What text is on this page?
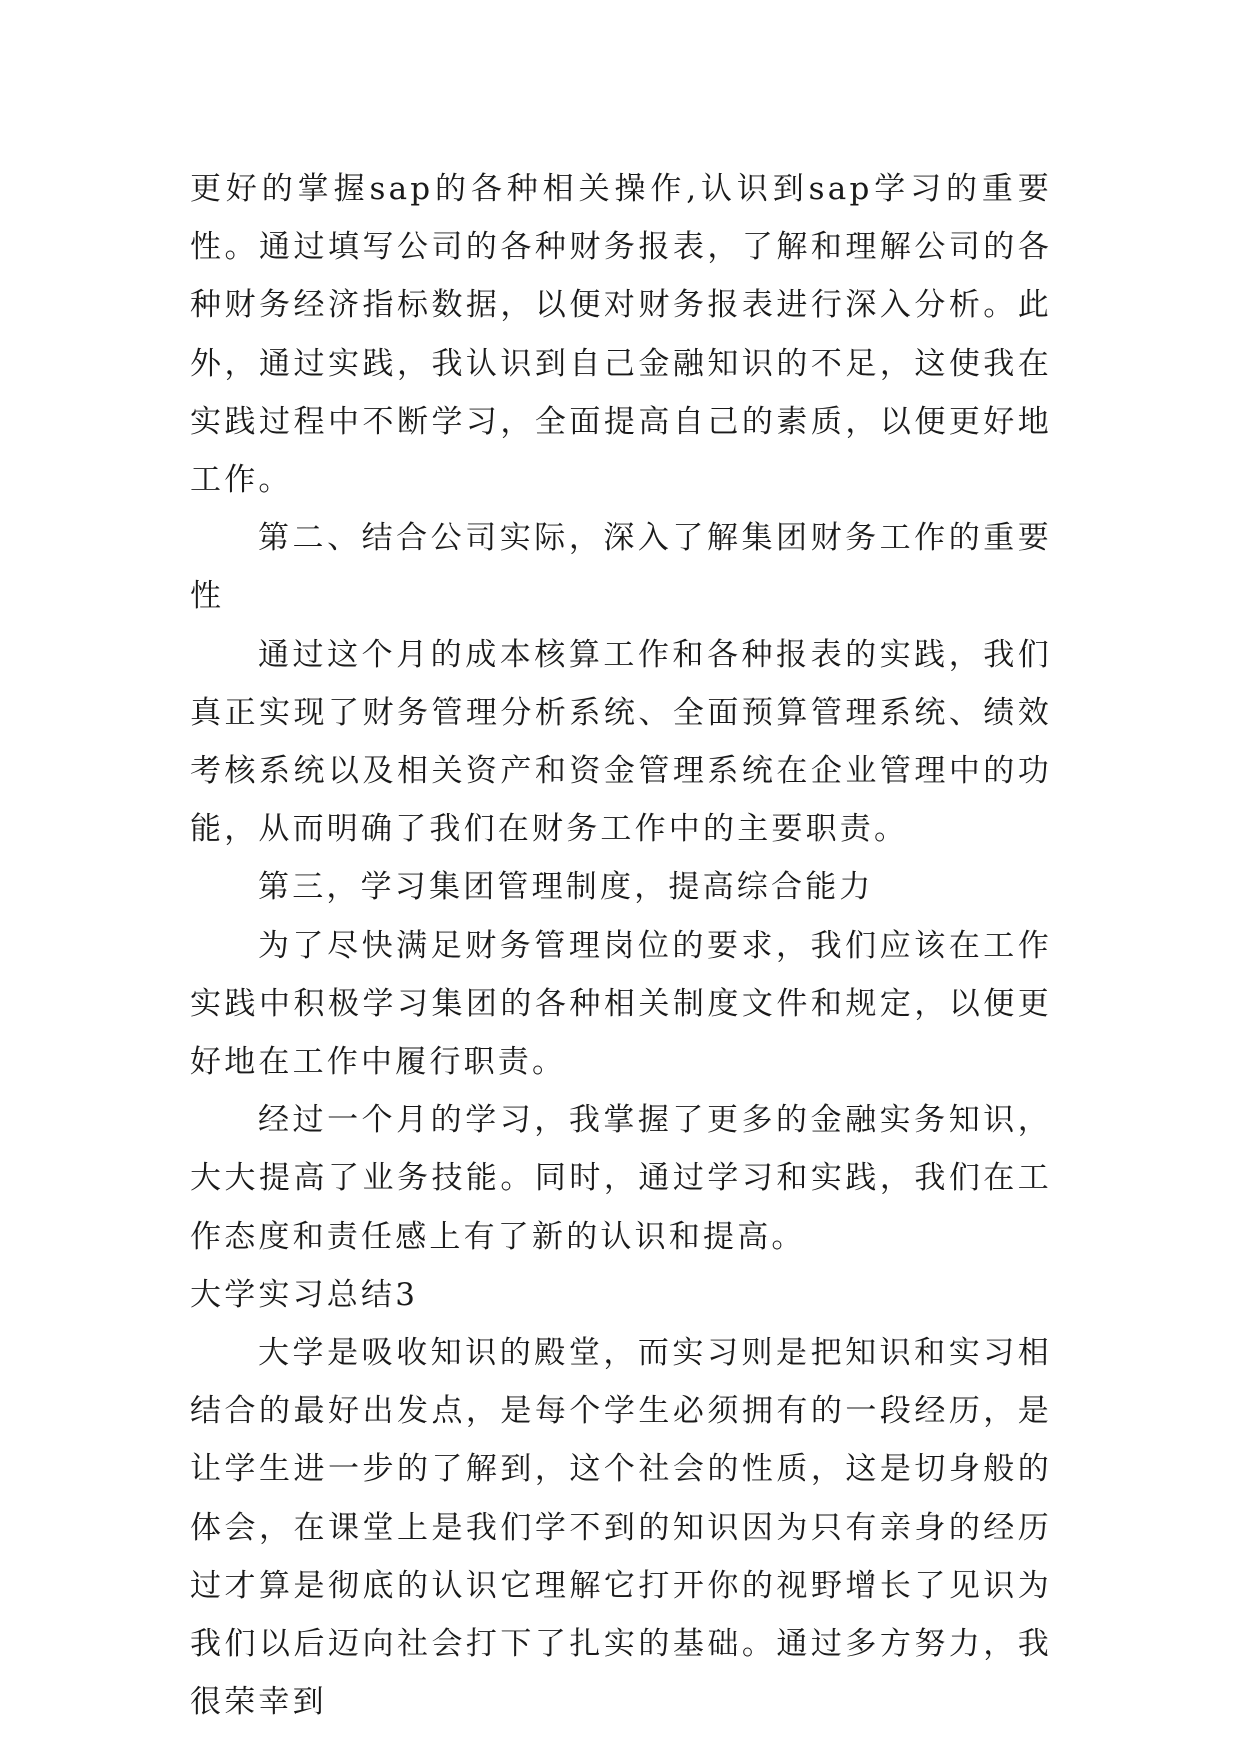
更好的掌握sap的各种相关操作,认识到sap学习的重要性。通过填写公司的各种财务报表，了解和理解公司的各种财务经济指标数据，以便对财务报表进行深入分析。此外，通过实践，我认识到自己金融知识的不足，这使我在实践过程中不断学习，全面提高自己的素质，以便更好地工作。

第二、结合公司实际，深入了解集团财务工作的重要性

通过这个月的成本核算工作和各种报表的实践，我们真正实现了财务管理分析系统、全面预算管理系统、绩效考核系统以及相关资产和资金管理系统在企业管理中的功能，从而明确了我们在财务工作中的主要职责。

第三，学习集团管理制度，提高综合能力

为了尽快满足财务管理岗位的要求，我们应该在工作实践中积极学习集团的各种相关制度文件和规定，以便更好地在工作中履行职责。

经过一个月的学习，我掌握了更多的金融实务知识，大大提高了业务技能。同时，通过学习和实践，我们在工作态度和责任感上有了新的认识和提高。

大学实习总结3

大学是吸收知识的殿堂，而实习则是把知识和实习相结合的最好出发点，是每个学生必须拥有的一段经历，是让学生进一步的了解到，这个社会的性质，这是切身般的体会，在课堂上是我们学不到的知识因为只有亲身的经历过才算是彻底的认识它理解它打开你的视野增长了见识为我们以后迈向社会打下了扎实的基础。通过多方努力，我很荣幸到
